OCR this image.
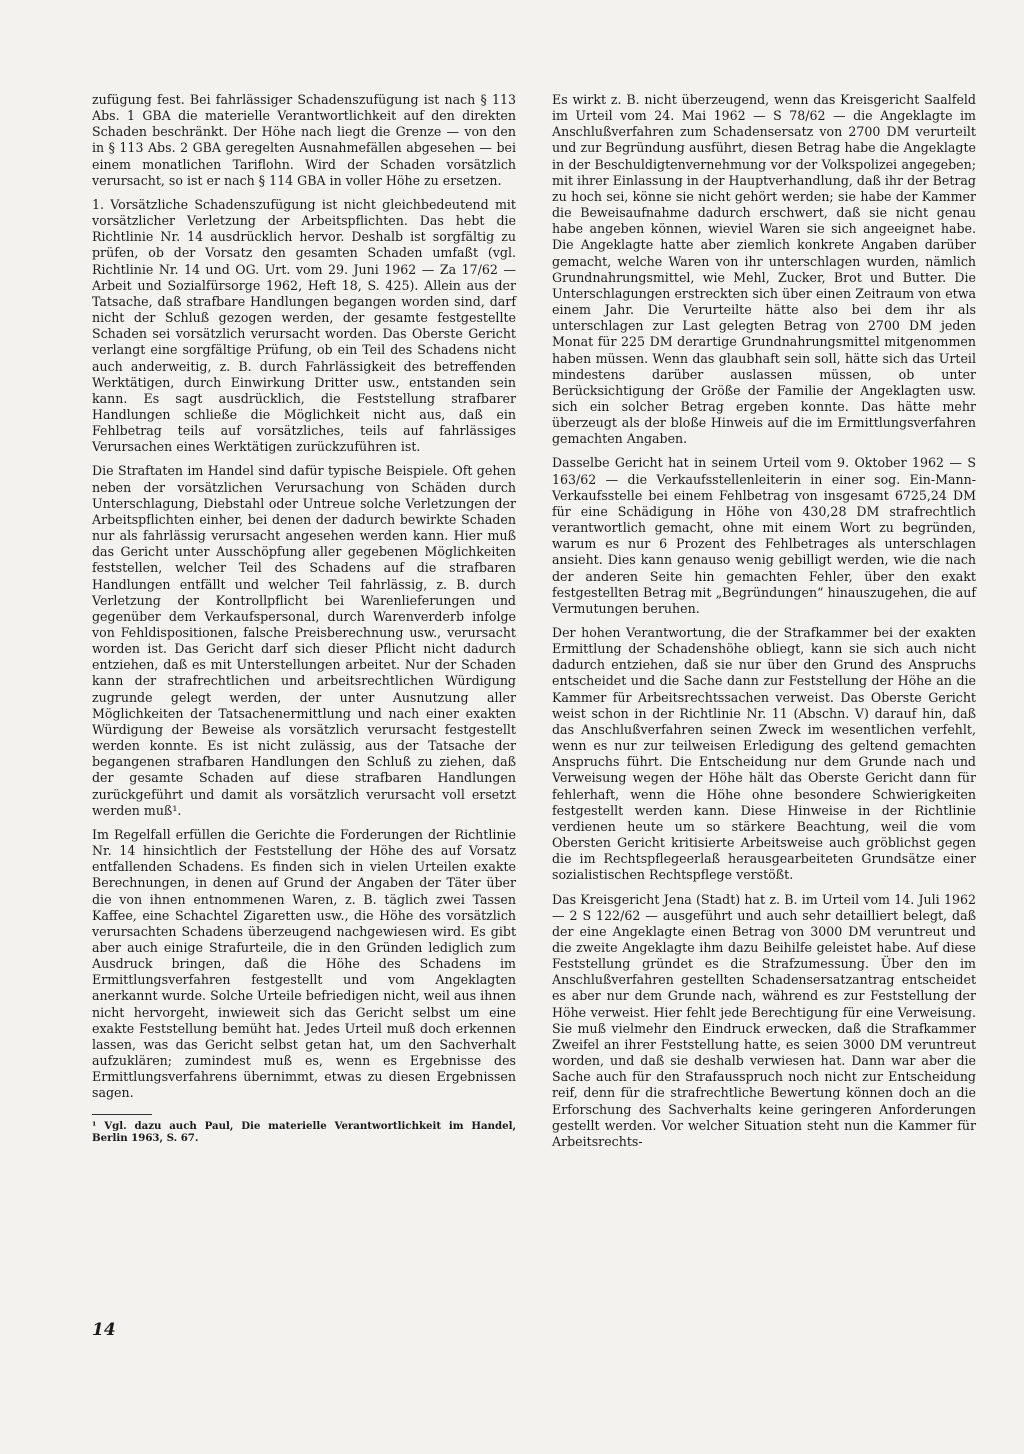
zufügung fest. Bei fahrlässiger Schadenszufügung ist nach § 113 Abs. 1 GBA die materielle Verantwortlichkeit auf den direkten Schaden beschränkt. Der Höhe nach liegt die Grenze — von den in § 113 Abs. 2 GBA geregelten Ausnahmefällen abgesehen — bei einem monatlichen Tariflohn. Wird der Schaden vorsätzlich verursacht, so ist er nach § 114 GBA in voller Höhe zu ersetzen.

1. Vorsätzliche Schadenszufügung ist nicht gleichbedeutend mit vorsätzlicher Verletzung der Arbeitspflichten. Das hebt die Richtlinie Nr. 14 ausdrücklich hervor. Deshalb ist sorgfältig zu prüfen, ob der Vorsatz den gesamten Schaden umfaßt (vgl. Richtlinie Nr. 14 und OG. Urt. vom 29. Juni 1962 — Za 17/62 — Arbeit und Sozialfürsorge 1962, Heft 18, S. 425). Allein aus der Tatsache, daß strafbare Handlungen begangen worden sind, darf nicht der Schluß gezogen werden, der gesamte festgestellte Schaden sei vorsätzlich verursacht worden. Das Oberste Gericht verlangt eine sorgfältige Prüfung, ob ein Teil des Schadens nicht auch anderweitig, z. B. durch Fahrlässigkeit des betreffenden Werktätigen, durch Einwirkung Dritter usw., entstanden sein kann. Es sagt ausdrücklich, die Feststellung strafbarer Handlungen schließe die Möglichkeit nicht aus, daß ein Fehlbetrag teils auf vorsätzliches, teils auf fahrlässiges Verursachen eines Werktätigen zurückzuführen ist.

Die Straftaten im Handel sind dafür typische Beispiele. Oft gehen neben der vorsätzlichen Verursachung von Schäden durch Unterschlagung, Diebstahl oder Untreue solche Verletzungen der Arbeitspflichten einher, bei denen der dadurch bewirkte Schaden nur als fahrlässig verursacht angesehen werden kann. Hier muß das Gericht unter Ausschöpfung aller gegebenen Möglichkeiten feststellen, welcher Teil des Schadens auf die strafbaren Handlungen entfällt und welcher Teil fahrlässig, z. B. durch Verletzung der Kontrollpflicht bei Warenlieferungen und gegenüber dem Verkaufspersonal, durch Warenverderb infolge von Fehldispositionen, falsche Preisberechnung usw., verursacht worden ist. Das Gericht darf sich dieser Pflicht nicht dadurch entziehen, daß es mit Unterstellungen arbeitet. Nur der Schaden kann der strafrechtlichen und arbeitsrechtlichen Würdigung zugrunde gelegt werden, der unter Ausnutzung aller Möglichkeiten der Tatsachenermittlung und nach einer exakten Würdigung der Beweise als vorsätzlich verursacht festgestellt werden konnte. Es ist nicht zulässig, aus der Tatsache der begangenen strafbaren Handlungen den Schluß zu ziehen, daß der gesamte Schaden auf diese strafbaren Handlungen zurückgeführt und damit als vorsätzlich verursacht voll ersetzt werden muß¹.

Im Regelfall erfüllen die Gerichte die Forderungen der Richtlinie Nr. 14 hinsichtlich der Feststellung der Höhe des auf Vorsatz entfallenden Schadens. Es finden sich in vielen Urteilen exakte Berechnungen, in denen auf Grund der Angaben der Täter über die von ihnen entnommenen Waren, z. B. täglich zwei Tassen Kaffee, eine Schachtel Zigaretten usw., die Höhe des vorsätzlich verursachten Schadens überzeugend nachgewiesen wird. Es gibt aber auch einige Strafurteile, die in den Gründen lediglich zum Ausdruck bringen, daß die Höhe des Schadens im Ermittlungsverfahren festgestellt und vom Angeklagten anerkannt wurde. Solche Urteile befriedigen nicht, weil aus ihnen nicht hervorgeht, inwieweit sich das Gericht selbst um eine exakte Feststellung bemüht hat. Jedes Urteil muß doch erkennen lassen, was das Gericht selbst getan hat, um den Sachverhalt aufzuklären; zumindest muß es, wenn es Ergebnisse des Ermittlungsverfahrens übernimmt, etwas zu diesen Ergebnissen sagen.

¹ Vgl. dazu auch Paul, Die materielle Verantwortlichkeit im Handel, Berlin 1963, S. 67.

Es wirkt z. B. nicht überzeugend, wenn das Kreisgericht Saalfeld im Urteil vom 24. Mai 1962 — S 78/62 — die Angeklagte im Anschlußverfahren zum Schadensersatz von 2700 DM verurteilt und zur Begründung ausführt, diesen Betrag habe die Angeklagte in der Beschuldigtenvernehmung vor der Volkspolizei angegeben; mit ihrer Einlassung in der Hauptverhandlung, daß ihr der Betrag zu hoch sei, könne sie nicht gehört werden; sie habe der Kammer die Beweisaufnahme dadurch erschwert, daß sie nicht genau habe angeben können, wieviel Waren sie sich angeeignet habe. Die Angeklagte hatte aber ziemlich konkrete Angaben darüber gemacht, welche Waren von ihr unterschlagen wurden, nämlich Grundnahrungsmittel, wie Mehl, Zucker, Brot und Butter. Die Unterschlagungen erstreckten sich über einen Zeitraum von etwa einem Jahr. Die Verurteilte hätte also bei dem ihr als unterschlagen zur Last gelegten Betrag von 2700 DM jeden Monat für 225 DM derartige Grundnahrungsmittel mitgenommen haben müssen. Wenn das glaubhaft sein soll, hätte sich das Urteil mindestens darüber auslassen müssen, ob unter Berücksichtigung der Größe der Familie der Angeklagten usw. sich ein solcher Betrag ergeben konnte. Das hätte mehr überzeugt als der bloße Hinweis auf die im Ermittlungsverfahren gemachten Angaben.

Dasselbe Gericht hat in seinem Urteil vom 9. Oktober 1962 — S 163/62 — die Verkaufsstellenleiterin in einer sog. Ein-Mann-Verkaufsstelle bei einem Fehlbetrag von insgesamt 6725,24 DM für eine Schädigung in Höhe von 430,28 DM strafrechtlich verantwortlich gemacht, ohne mit einem Wort zu begründen, warum es nur 6 Prozent des Fehlbetrages als unterschlagen ansieht. Dies kann genauso wenig gebilligt werden, wie die nach der anderen Seite hin gemachten Fehler, über den exakt festgestellten Betrag mit „Begründungen“ hinauszugehen, die auf Vermutungen beruhen.

Der hohen Verantwortung, die der Strafkammer bei der exakten Ermittlung der Schadenshöhe obliegt, kann sie sich auch nicht dadurch entziehen, daß sie nur über den Grund des Anspruchs entscheidet und die Sache dann zur Feststellung der Höhe an die Kammer für Arbeitsrechtssachen verweist. Das Oberste Gericht weist schon in der Richtlinie Nr. 11 (Abschn. V) darauf hin, daß das Anschlußverfahren seinen Zweck im wesentlichen verfehlt, wenn es nur zur teilweisen Erledigung des geltend gemachten Anspruchs führt. Die Entscheidung nur dem Grunde nach und Verweisung wegen der Höhe hält das Oberste Gericht dann für fehlerhaft, wenn die Höhe ohne besondere Schwierigkeiten festgestellt werden kann. Diese Hinweise in der Richtlinie verdienen heute um so stärkere Beachtung, weil die vom Obersten Gericht kritisierte Arbeitsweise auch gröblichst gegen die im Rechtspflegeerlaß herausgearbeiteten Grundsätze einer sozialistischen Rechtspflege verstößt.

Das Kreisgericht Jena (Stadt) hat z. B. im Urteil vom 14. Juli 1962 — 2 S 122/62 — ausgeführt und auch sehr detailliert belegt, daß der eine Angeklagte einen Betrag von 3000 DM veruntreut und die zweite Angeklagte ihm dazu Beihilfe geleistet habe. Auf diese Feststellung gründet es die Strafzumessung. Über den im Anschlußverfahren gestellten Schadensersatzantrag entscheidet es aber nur dem Grunde nach, während es zur Feststellung der Höhe verweist. Hier fehlt jede Berechtigung für eine Verweisung. Sie muß vielmehr den Eindruck erwecken, daß die Strafkammer Zweifel an ihrer Feststellung hatte, es seien 3000 DM veruntreut worden, und daß sie deshalb verwiesen hat. Dann war aber die Sache auch für den Strafausspruch noch nicht zur Entscheidung reif, denn für die strafrechtliche Bewertung können doch an die Erforschung des Sachverhalts keine geringeren Anforderungen gestellt werden. Vor welcher Situation steht nun die Kammer für Arbeitsrechts-

14
